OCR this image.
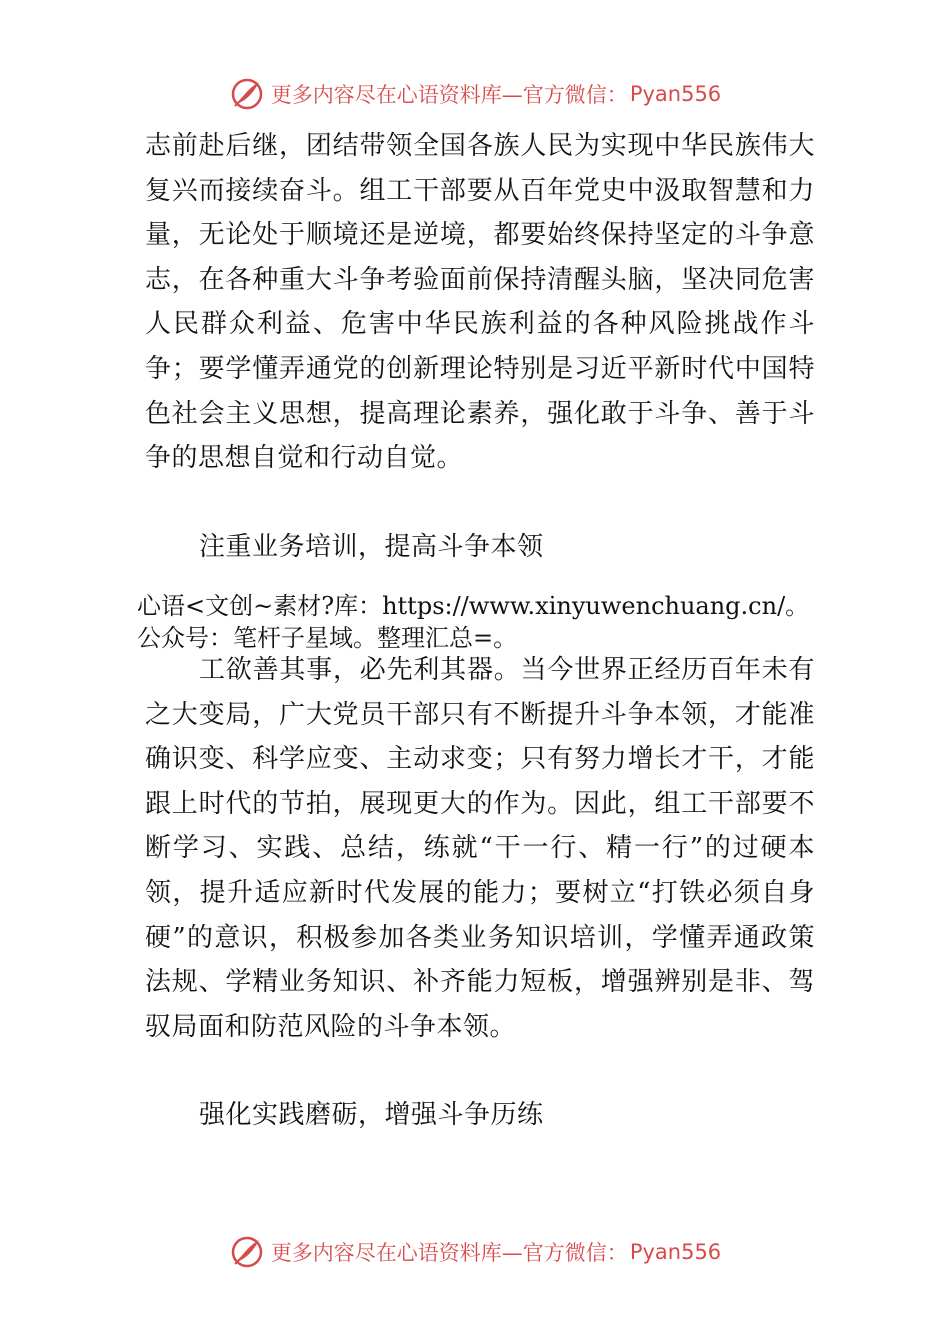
更多内容尽在心语资料库—官方微信： Pyan556

志前赴后继，团结带领全国各族人民为实现中华民族伟大复兴而接续奋斗。组工干部要从百年党史中汲取智慧和力量，无论处于顺境还是逆境，都要始终保持坚定的斗争意志，在各种重大斗争考验面前保持清醒头脑，坚决同危害人民群众利益、危害中华民族利益的各种风险挑战作斗争；要学懂弄通党的创新理论特别是习近平新时代中国特色社会主义思想，提高理论素养，强化敢于斗争、善于斗争的思想自觉和行动自觉。

注重业务培训，提高斗争本领

心语<文创~素材?库：https://www.xinyuwenchuang.cn/。
公众号：笔杆子星域。整理汇总=。

工欲善其事，必先利其器。当今世界正经历百年未有之大变局，广大党员干部只有不断提升斗争本领，才能准确识变、科学应变、主动求变；只有努力增长才干，才能跟上时代的节拍，展现更大的作为。因此，组工干部要不断学习、实践、总结，练就“干一行、精一行”的过硬本领，提升适应新时代发展的能力；要树立“打铁必须自身硬”的意识，积极参加各类业务知识培训，学懂弄通政策法规、学精业务知识、补齐能力短板，增强辨别是非、驾驭局面和防范风险的斗争本领。

强化实践磨砺，增强斗争历练

更多内容尽在心语资料库—官方微信： Pyan556
